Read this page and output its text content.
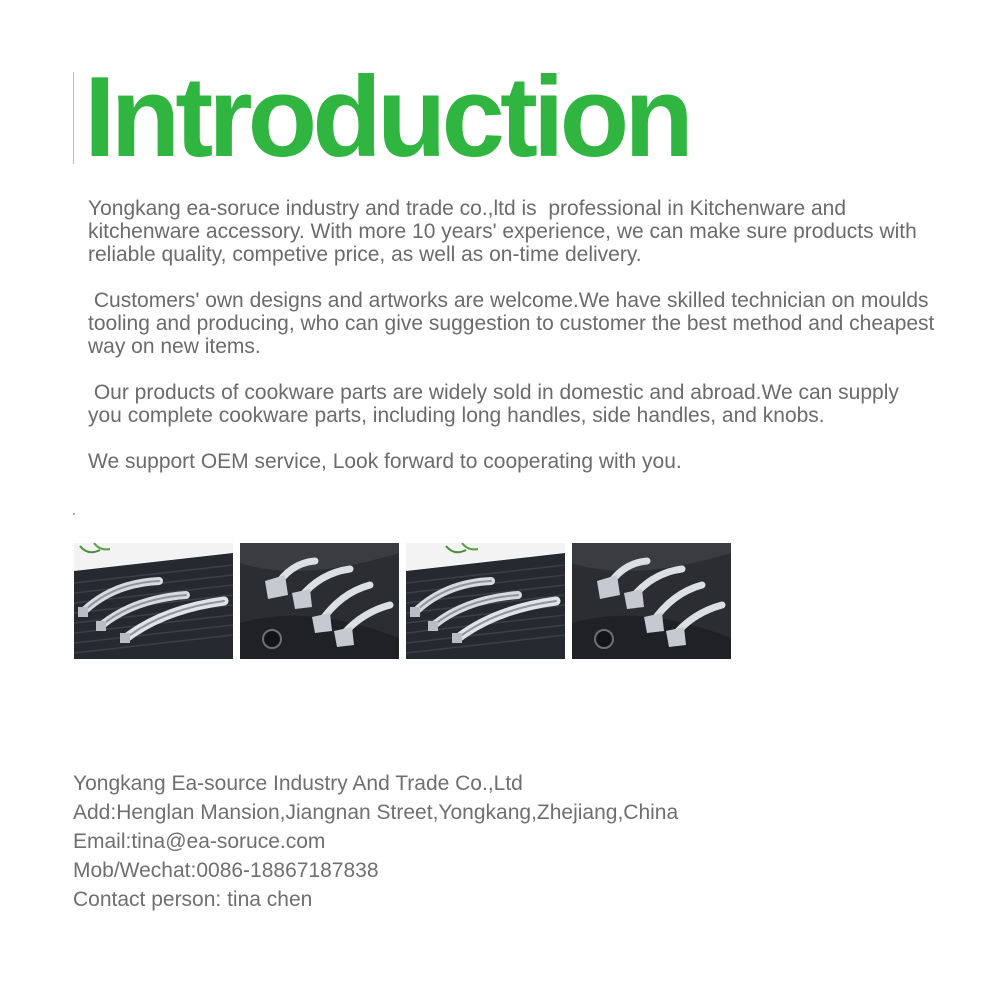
Introduction

Yongkang ea-soruce industry and trade co.,ltd is  professional in Kitchenware and kitchenware accessory. With more 10 years' experience, we can make sure products with reliable quality, competive price, as well as on-time delivery.

Customers' own designs and artworks are welcome.We have skilled technician on moulds tooling and producing, who can give suggestion to customer the best method and cheapest way on new items.

Our products of cookware parts are widely sold in domestic and abroad.We can supply you complete cookware parts, including long handles, side handles, and knobs.

We support OEM service, Look forward to cooperating with you.

Yongkang Ea-source Industry And Trade Co.,Ltd
Add:Henglan Mansion,Jiangnan Street,Yongkang,Zhejiang,China
Email:tina@ea-soruce.com
Mob/Wechat:0086-18867187838
Contact person: tina chen
